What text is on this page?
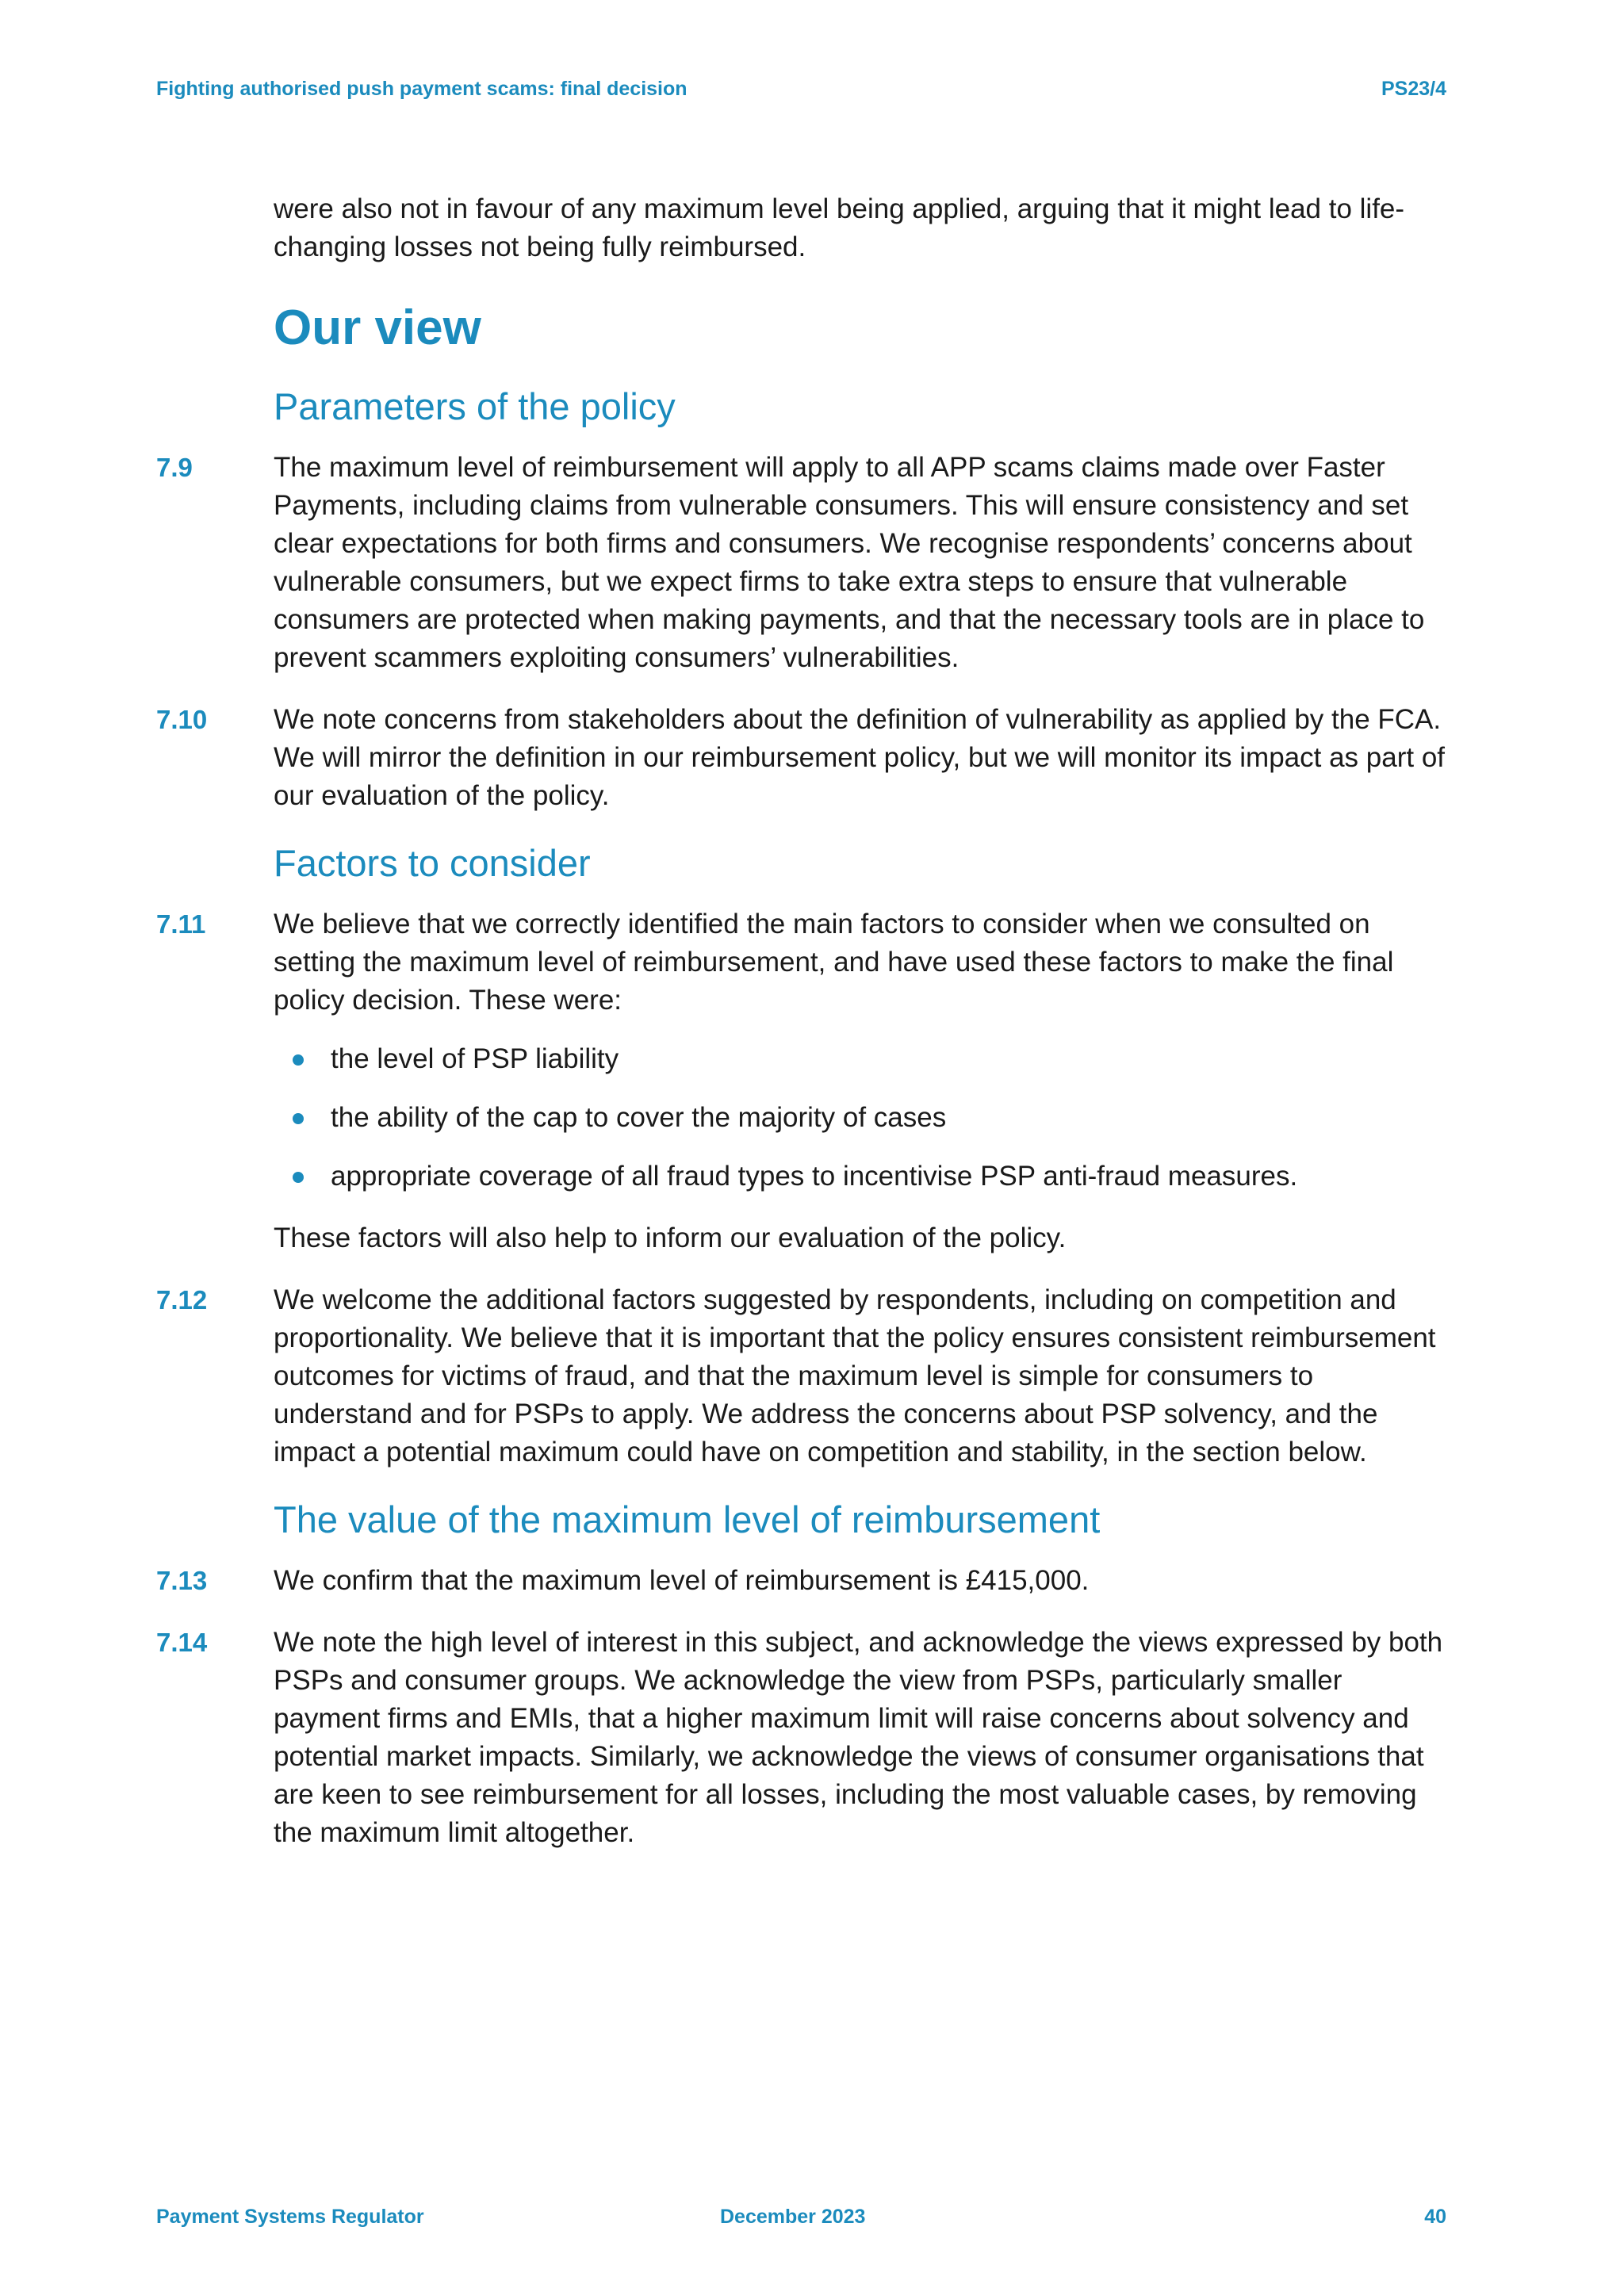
Fighting authorised push payment scams: final decision	PS23/4
were also not in favour of any maximum level being applied, arguing that it might lead to life-changing losses not being fully reimbursed.
Our view
Parameters of the policy
7.9	The maximum level of reimbursement will apply to all APP scams claims made over Faster Payments, including claims from vulnerable consumers. This will ensure consistency and set clear expectations for both firms and consumers. We recognise respondents’ concerns about vulnerable consumers, but we expect firms to take extra steps to ensure that vulnerable consumers are protected when making payments, and that the necessary tools are in place to prevent scammers exploiting consumers’ vulnerabilities.
7.10 We note concerns from stakeholders about the definition of vulnerability as applied by the FCA. We will mirror the definition in our reimbursement policy, but we will monitor its impact as part of our evaluation of the policy.
Factors to consider
7.11 We believe that we correctly identified the main factors to consider when we consulted on setting the maximum level of reimbursement, and have used these factors to make the final policy decision. These were:
the level of PSP liability
the ability of the cap to cover the majority of cases
appropriate coverage of all fraud types to incentivise PSP anti-fraud measures.
These factors will also help to inform our evaluation of the policy.
7.12 We welcome the additional factors suggested by respondents, including on competition and proportionality. We believe that it is important that the policy ensures consistent reimbursement outcomes for victims of fraud, and that the maximum level is simple for consumers to understand and for PSPs to apply. We address the concerns about PSP solvency, and the impact a potential maximum could have on competition and stability, in the section below.
The value of the maximum level of reimbursement
7.13 We confirm that the maximum level of reimbursement is £415,000.
7.14 We note the high level of interest in this subject, and acknowledge the views expressed by both PSPs and consumer groups. We acknowledge the view from PSPs, particularly smaller payment firms and EMIs, that a higher maximum limit will raise concerns about solvency and potential market impacts. Similarly, we acknowledge the views of consumer organisations that are keen to see reimbursement for all losses, including the most valuable cases, by removing the maximum limit altogether.
Payment Systems Regulator	December 2023	40
